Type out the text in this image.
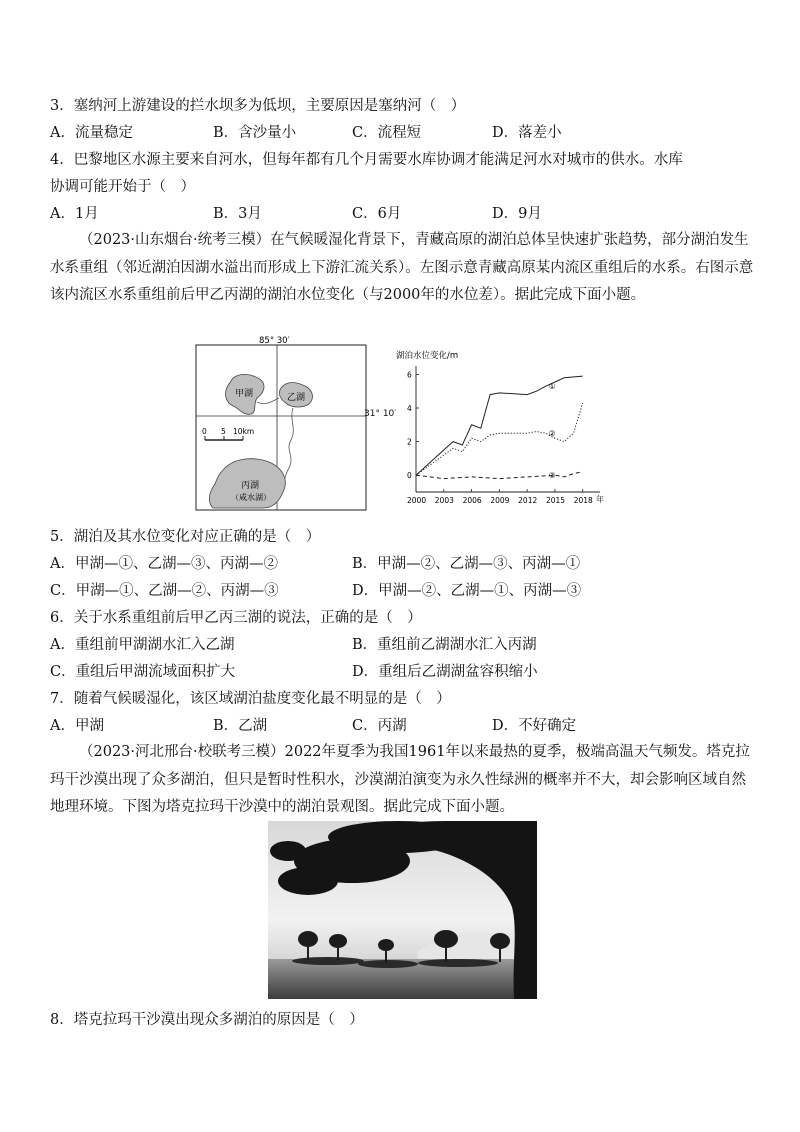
3．塞纳河上游建设的拦水坝多为低坝，主要原因是塞纳河（　）
A．流量稳定	B．含沙量小	C．流程短	D．落差小
4．巴黎地区水源主要来自河水，但每年都有几个月需要水库协调才能满足河水对城市的供水。水库
协调可能开始于（　）
A．1月	B．3月	C．6月	D．9月
（2023·山东烟台·统考三模）在气候暖湿化背景下，青藏高原的湖泊总体呈快速扩张趋势，部分湖泊发生水系重组（邻近湖泊因湖水溢出而形成上下游汇流关系）。左图示意青藏高原某内流区重组后的水系。右图示意该内流区水系重组前后甲乙丙湖的湖泊水位变化（与2000年的水位差）。据此完成下面小题。
85° 30′
甲湖	乙湖
丙湖
（咸水湖）
0 5 10km
31° 10′
湖泊水位变化/m
年
2000 2003 2006 2009 2012 2015 2018
0
2
4
6
①
②
③
5．湖泊及其水位变化对应正确的是（　）
A．甲湖—①、乙湖—③、丙湖—②	B．甲湖—②、乙湖—③、丙湖—①
C．甲湖—①、乙湖—②、丙湖—③	D．甲湖—②、乙湖—①、丙湖—③
6．关于水系重组前后甲乙丙三湖的说法，正确的是（　）
A．重组前甲湖湖水汇入乙湖	B．重组前乙湖湖水汇入丙湖
C．重组后甲湖流域面积扩大	D．重组后乙湖湖盆容积缩小
7．随着气候暖湿化，该区域湖泊盐度变化最不明显的是（　）
A．甲湖	B．乙湖	C．丙湖	D．不好确定
（2023·河北邢台·校联考三模）2022年夏季为我国1961年以来最热的夏季，极端高温天气频发。塔克拉玛干沙漠出现了众多湖泊，但只是暂时性积水，沙漠湖泊演变为永久性绿洲的概率并不大，却会影响区域自然地理环境。下图为塔克拉玛干沙漠中的湖泊景观图。据此完成下面小题。
8．塔克拉玛干沙漠出现众多湖泊的原因是（　）
